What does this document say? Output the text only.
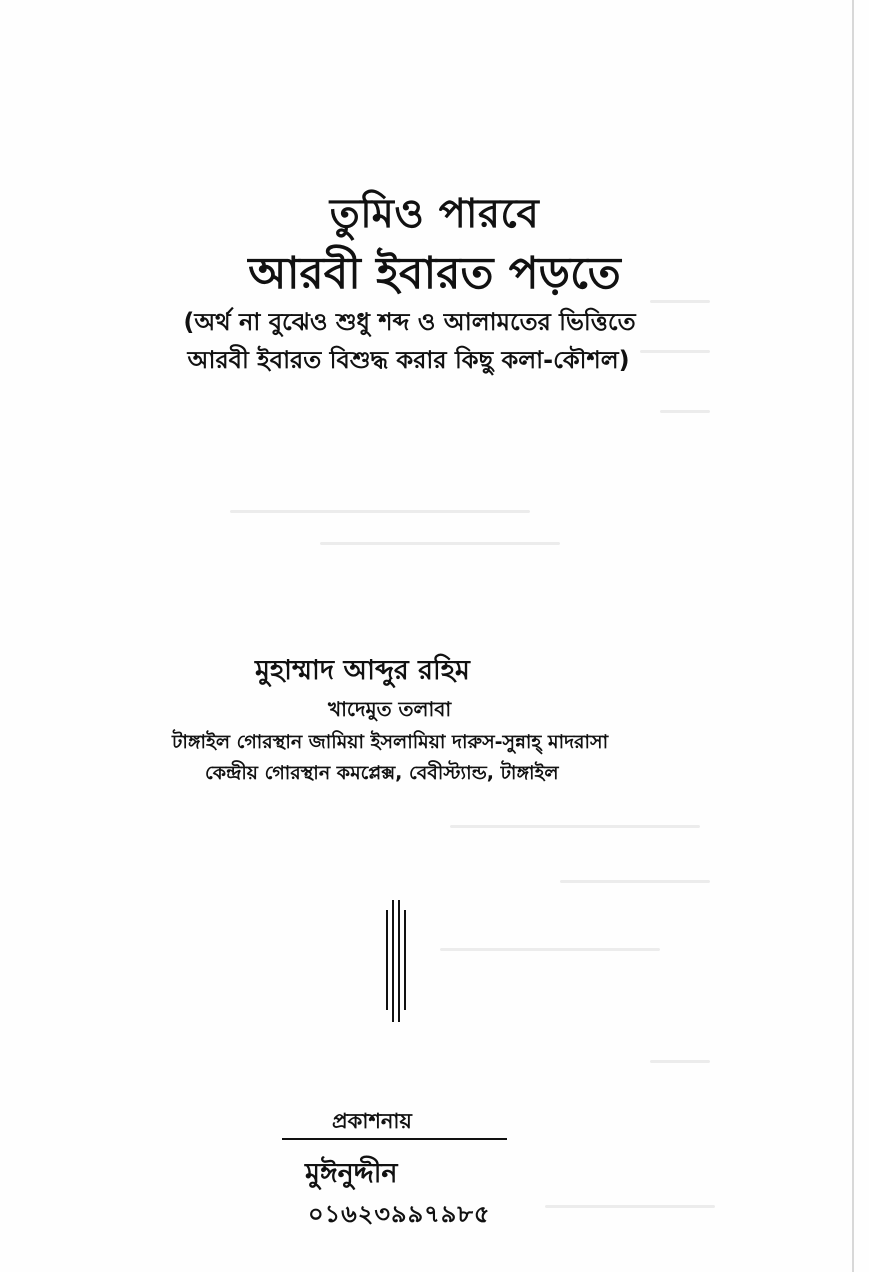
তুমিও পারবে
আরবী ইবারত পড়তে
(অর্থ না বুঝেও শুধু শব্দ ও আলামতের ভিত্তিতে
আরবী ইবারত বিশুদ্ধ করার কিছু কলা-কৌশল)
মুহাম্মাদ আব্দুর রহিম
খাদেমুত তলাবা
টাঙ্গাইল গোরস্থান জামিয়া ইসলামিয়া দারুস-সুন্নাহ্ মাদরাসা
কেন্দ্রীয় গোরস্থান কমপ্লেক্স, বেবীস্ট্যান্ড, টাঙ্গাইল
প্রকাশনায়
মুঈনুদ্দীন
০১৬২৩৯৯৭৯৮৫
